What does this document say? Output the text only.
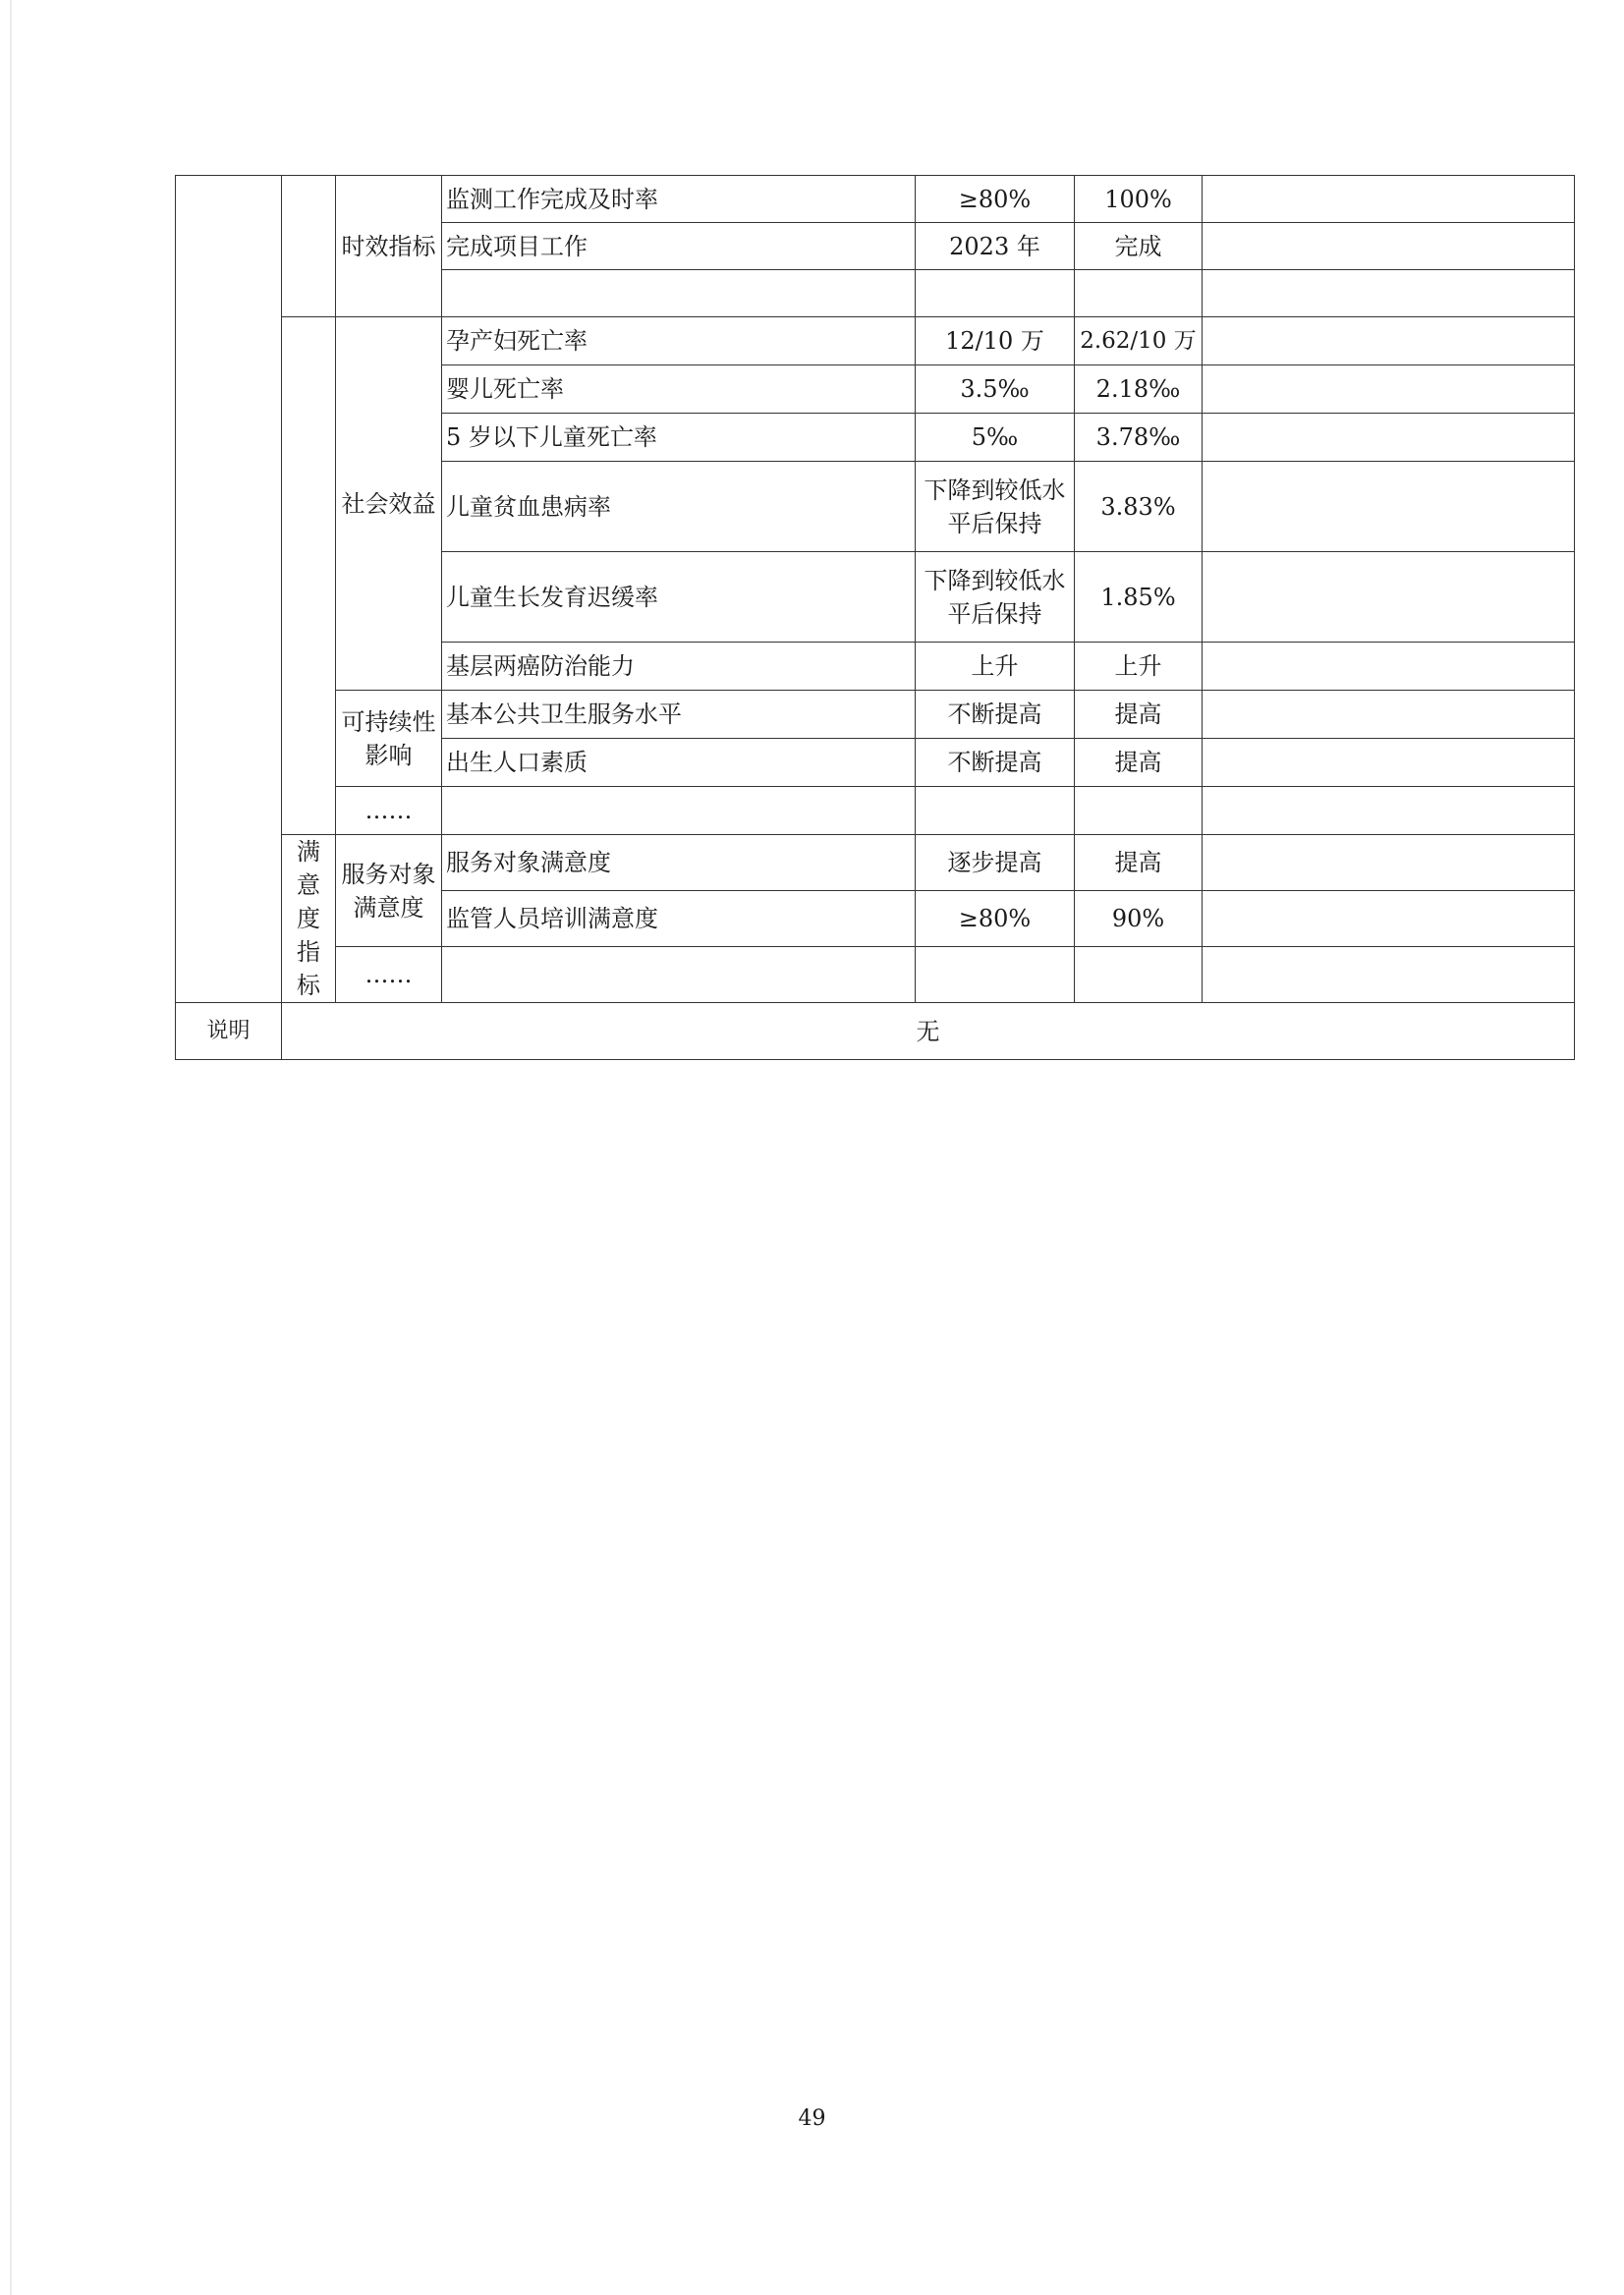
		时效指标	监测工作完成及时率	≥80%	100%	
			完成项目工作	2023 年	完成	

		社会效益	孕产妇死亡率	12/10 万	2.62/10 万	
			婴儿死亡率	3.5‰	2.18‰	
			5 岁以下儿童死亡率	5‰	3.78‰	
			儿童贫血患病率	下降到较低水平后保持	3.83%	
			儿童生长发育迟缓率	下降到较低水平后保持	1.85%	
			基层两癌防治能力	上升	上升	
		可持续性影响	基本公共卫生服务水平	不断提高	提高	
			出生人口素质	不断提高	提高	
		……				
	满意度指标	服务对象满意度	服务对象满意度	逐步提高	提高	
			监管人员培训满意度	≥80%	90%	
		……				
说明	无					
49
